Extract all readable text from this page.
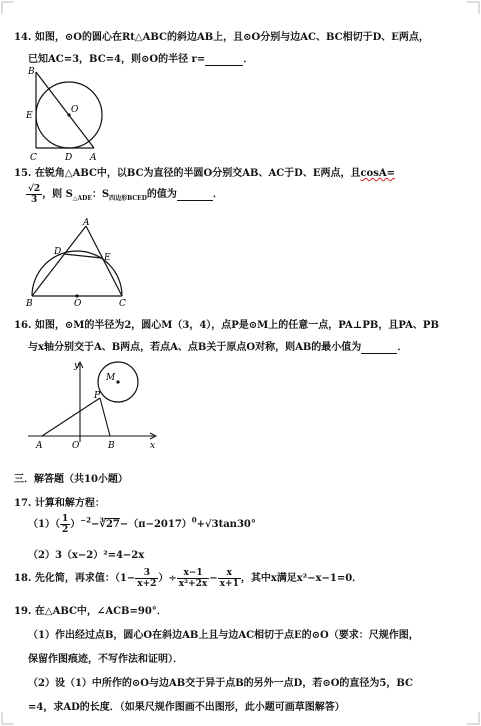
14. 如图，⊙O的圆心在Rt△ABC的斜边AB上，且⊙O分别与边AC、BC相切于D、E两点，
已知AC=3，BC=4，则⊙O的半径 r=	．
B
E
O
C	D A
15. 在锐角△ABC中，以BC为直径的半圆O分别交AB、AC于D、E两点，且cosA=
$\frac{√2}{3}$ ，则 $S_{\triangle ADE}$：$S_{四边形BCED}$的值为	．
A
D
E
B	O	C
16. 如图，⊙M的半径为2，圆心M（3，4），点P是⊙M上的任意一点，PA⊥PB，且PA、PB
与x轴分别交于A、B两点，若点A、点B关于原点O对称，则AB的最小值为	．
y
M
P
A	O	B	x
三．解答题（共10小题）
17. 计算和解方程：
$(1)( \frac{1}{2}$ ）$^{-2}-∛27-(\pi-2017)^0+√3\tan 30^\circ$
（2）3（x−2）²=4−2x
18. 先化简，再求值：（$1- \frac{3}{x+2}$ ）÷ $\frac{x-1}{\text{x²+2x}} - \frac{x}{x+1}$ ，其中x满足x²−x−1=0．
19. 在△ABC中，∠ACB=90°．
（1）作出经过点B，圆心O在斜边AB上且与边AC相切于点E的⊙O（要求：尺规作图，
保留作图痕迹，不写作法和证明）．
（2）设（1）中所作的⊙O与边AB交于异于点B的另外一点D，若⊙O的直径为5，BC
=4，求AD的长度．（如果尺规作图画不出图形，此小题可画草图解答）
